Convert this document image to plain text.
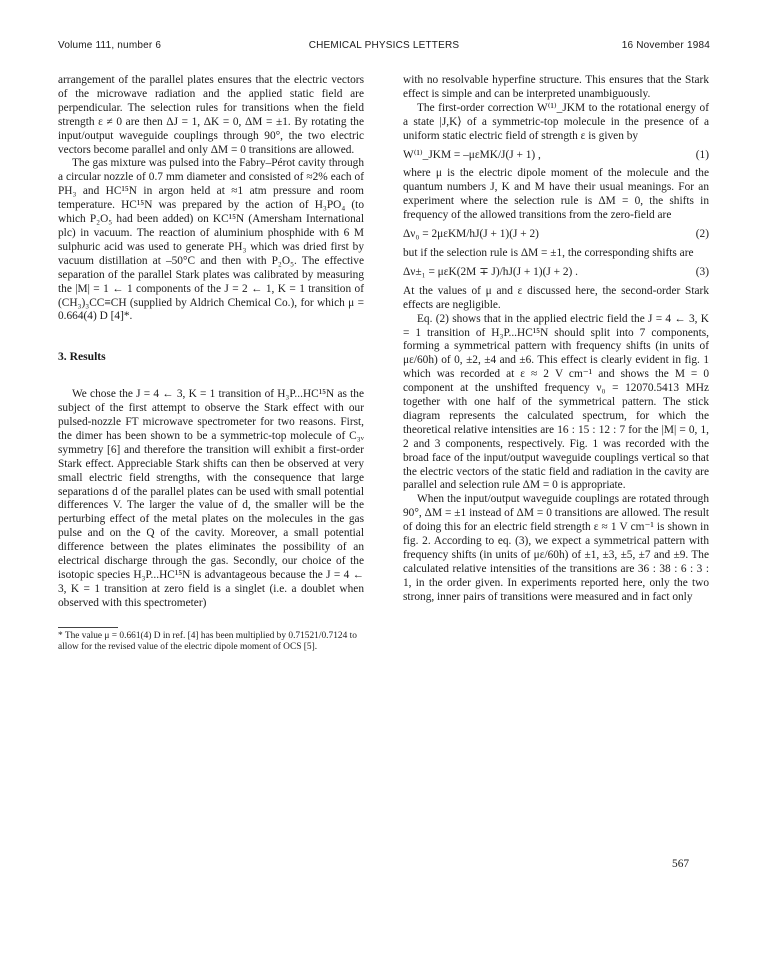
Volume 111, number 6	CHEMICAL PHYSICS LETTERS	16 November 1984

arrangement of the parallel plates ensures that the electric vectors of the microwave radiation and the applied static field are perpendicular. The selection rules for transitions when the field strength ε ≠ 0 are then ΔJ = 1, ΔK = 0, ΔM = ±1. By rotating the input/output waveguide couplings through 90°, the two electric vectors become parallel and only ΔM = 0 transitions are allowed.

The gas mixture was pulsed into the Fabry–Pérot cavity through a circular nozzle of 0.7 mm diameter and consisted of ≈2% each of PH₃ and HC¹⁵N in argon held at ≈1 atm pressure and room temperature. HC¹⁵N was prepared by the action of H₃PO₄ (to which P₂O₅ had been added) on KC¹⁵N (Amersham International plc) in vacuum. The reaction of aluminium phosphide with 6 M sulphuric acid was used to generate PH₃ which was dried first by vacuum distillation at –50°C and then with P₂O₅. The effective separation of the parallel Stark plates was calibrated by measuring the |M| = 1 ← 1 components of the J = 2 ← 1, K = 1 transition of (CH₃)₃CC≡CH (supplied by Aldrich Chemical Co.), for which μ = 0.664(4) D [4]*.

3. Results

We chose the J = 4 ← 3, K = 1 transition of H₃P...HC¹⁵N as the subject of the first attempt to observe the Stark effect with our pulsed-nozzle FT microwave spectrometer for two reasons. First, the dimer has been shown to be a symmetric-top molecule of C₃ᵥ symmetry [6] and therefore the transition will exhibit a first-order Stark effect. Appreciable Stark shifts can then be observed at very small electric field strengths, with the consequence that large separations d of the parallel plates can be used with small potential differences V. The larger the value of d, the smaller will be the perturbing effect of the metal plates on the molecules in the gas pulse and on the Q of the cavity. Moreover, a small potential difference between the plates eliminates the possibility of an electrical discharge through the gas. Secondly, our choice of the isotopic species H₃P...HC¹⁵N is advantageous because the J = 4 ← 3, K = 1 transition at zero field is a singlet (i.e. a doublet when observed with this spectrometer)

* The value μ = 0.661(4) D in ref. [4] has been multiplied by 0.71521/0.7124 to allow for the revised value of the electric dipole moment of OCS [5].

with no resolvable hyperfine structure. This ensures that the Stark effect is simple and can be interpreted unambiguously.

The first-order correction W⁽¹⁾_JKM to the rotational energy of a state |J,K⟩ of a symmetric-top molecule in the presence of a uniform static electric field of strength ε is given by

W⁽¹⁾_JKM = –μεMK/J(J + 1) ,	(1)

where μ is the electric dipole moment of the molecule and the quantum numbers J, K and M have their usual meanings. For an experiment where the selection rule is ΔM = 0, the shifts in frequency of the allowed transitions from the zero-field are

Δν₀ = 2μεKM/hJ(J + 1)(J + 2)	(2)

but if the selection rule is ΔM = ±1, the corresponding shifts are

Δν±₁ = μεK(2M ∓ J)/hJ(J + 1)(J + 2) .	(3)

At the values of μ and ε discussed here, the second-order Stark effects are negligible.

Eq. (2) shows that in the applied electric field the J = 4 ← 3, K = 1 transition of H₃P...HC¹⁵N should split into 7 components, forming a symmetrical pattern with frequency shifts (in units of με/60h) of 0, ±2, ±4 and ±6. This effect is clearly evident in fig. 1 which was recorded at ε ≈ 2 V cm⁻¹ and shows the M = 0 component at the unshifted frequency ν₀ = 12070.5413 MHz together with one half of the symmetrical pattern. The stick diagram represents the calculated spectrum, for which the theoretical relative intensities are 16 : 15 : 12 : 7 for the |M| = 0, 1, 2 and 3 components, respectively. Fig. 1 was recorded with the broad face of the input/output waveguide couplings vertical so that the electric vectors of the static field and radiation in the cavity are parallel and selection rule ΔM = 0 is appropriate.

When the input/output waveguide couplings are rotated through 90°, ΔM = ±1 instead of ΔM = 0 transitions are allowed. The result of doing this for an electric field strength ε ≈ 1 V cm⁻¹ is shown in fig. 2. According to eq. (3), we expect a symmetrical pattern with frequency shifts (in units of με/60h) of ±1, ±3, ±5, ±7 and ±9. The calculated relative intensities of the transitions are 36 : 38 : 6 : 3 : 1, in the order given. In experiments reported here, only the two strong, inner pairs of transitions were measured and in fact only

567
